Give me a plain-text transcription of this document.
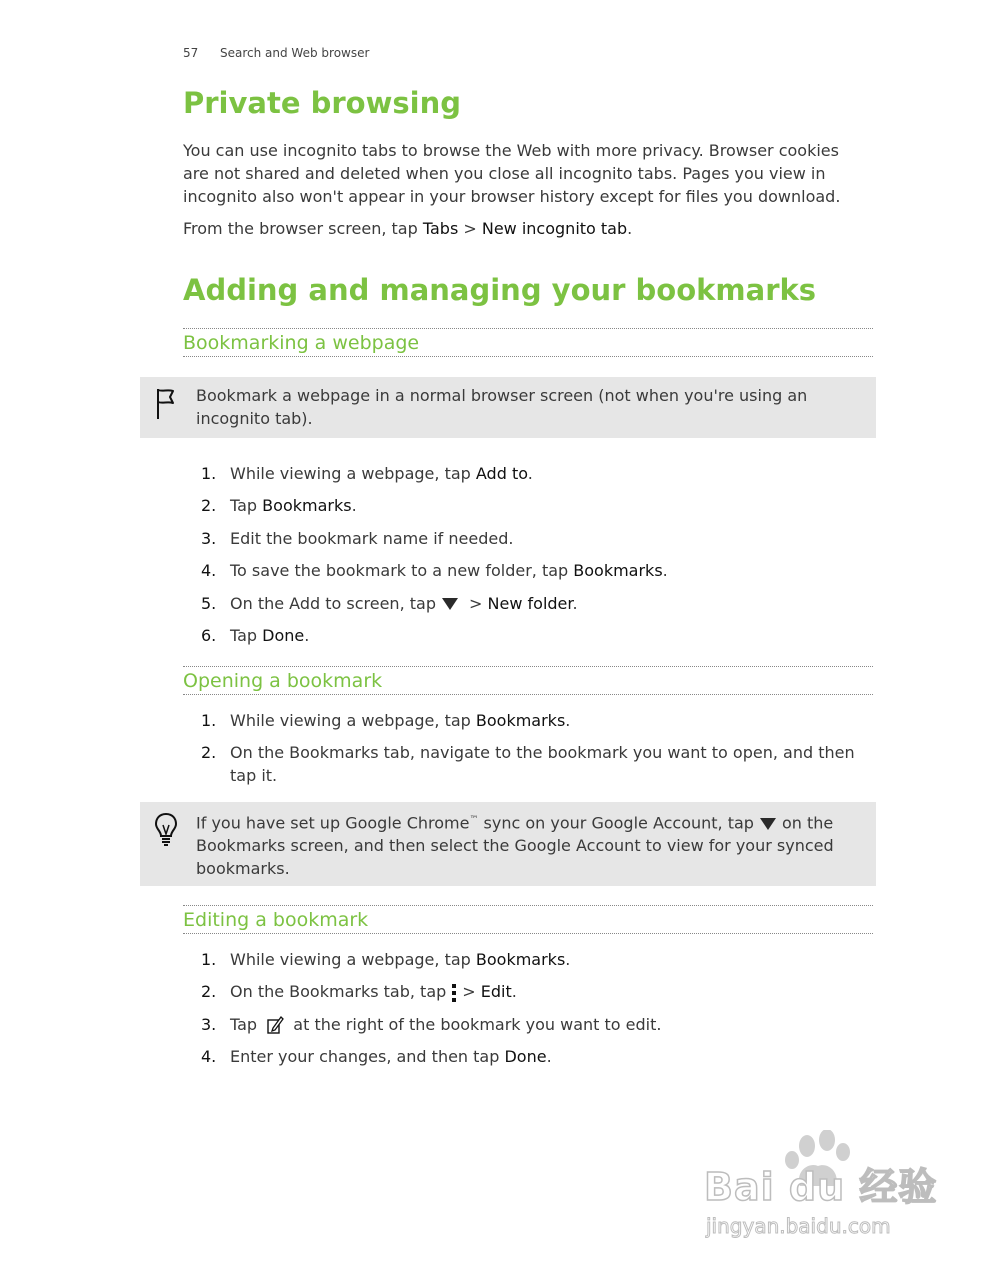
57 Search and Web browser
Private browsing

You can use incognito tabs to browse the Web with more privacy. Browser cookies are not shared and deleted when you close all incognito tabs. Pages you view in incognito also won't appear in your browser history except for files you download.

From the browser screen, tap Tabs > New incognito tab.

Adding and managing your bookmarks
Bookmarking a webpage
Bookmark a webpage in a normal browser screen (not when you're using an incognito tab).
1. While viewing a webpage, tap Add to.
2. Tap Bookmarks.
3. Edit the bookmark name if needed.
4. To save the bookmark to a new folder, tap Bookmarks.
5. On the Add to screen, tap > New folder.
6. Tap Done.
Opening a bookmark
1. While viewing a webpage, tap Bookmarks.
2. On the Bookmarks tab, navigate to the bookmark you want to open, and then tap it.
If you have set up Google Chrome™ sync on your Google Account, tap on the Bookmarks screen, and then select the Google Account to view for your synced bookmarks.
Editing a bookmark
1. While viewing a webpage, tap Bookmarks.
2. On the Bookmarks tab, tap > Edit.
3. Tap at the right of the bookmark you want to edit.
4. Enter your changes, and then tap Done.
Bai du 经验
jingyan.baidu.com
